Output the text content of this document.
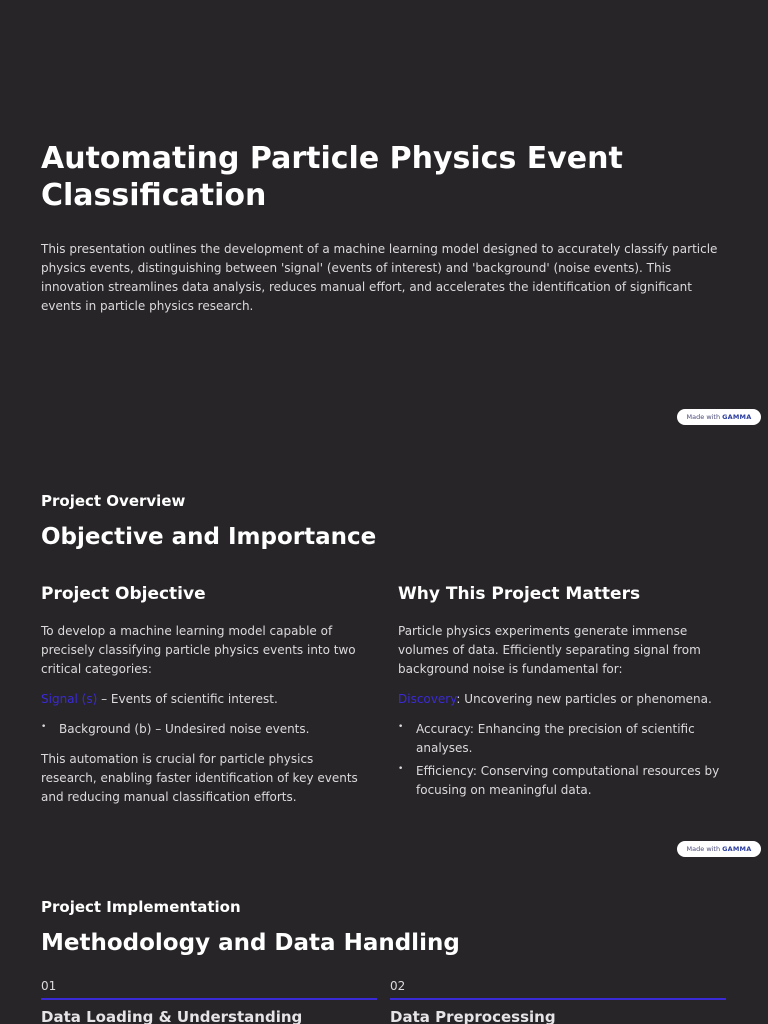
Automating Particle Physics Event Classification

This presentation outlines the development of a machine learning model designed to accurately classify particle physics events, distinguishing between 'signal' (events of interest) and 'background' (noise events). This innovation streamlines data analysis, reduces manual effort, and accelerates the identification of significant events in particle physics research.

Made with GAMMA
Project Overview
Objective and Importance
Project Objective

To develop a machine learning model capable of precisely classifying particle physics events into two critical categories:

Signal (s) – Events of scientific interest.

• Background (b) – Undesired noise events.

This automation is crucial for particle physics research, enabling faster identification of key events and reducing manual classification efforts.

Why This Project Matters

Particle physics experiments generate immense volumes of data. Efficiently separating signal from background noise is fundamental for:

Discovery: Uncovering new particles or phenomena.

• Accuracy: Enhancing the precision of scientific analyses.
• Efficiency: Conserving computational resources by focusing on meaningful data.
Made with GAMMA
Project Implementation
Methodology and Data Handling
01
Data Loading & Understanding
02
Data Preprocessing
